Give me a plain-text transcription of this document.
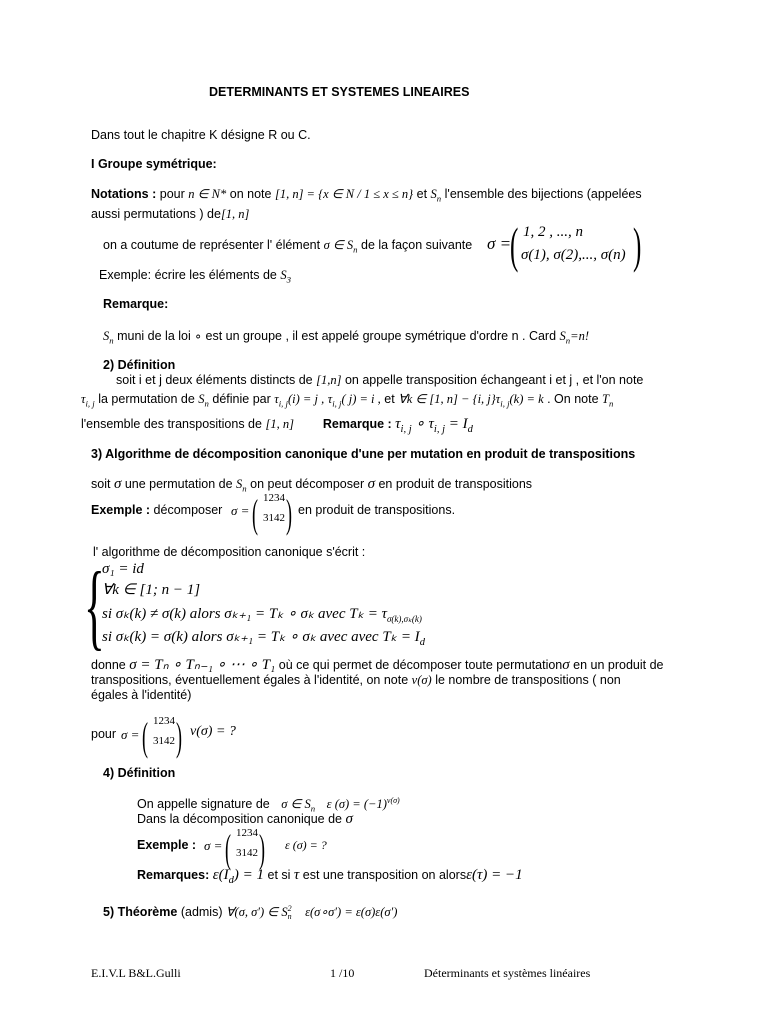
DETERMINANTS ET SYSTEMES LINEAIRES
Dans tout le chapitre K désigne R ou C.
I Groupe symétrique:
Notations : pour n ∈ N* on note [1, n] = {x ∈ N / 1 ≤ x ≤ n} et $S_n$ l'ensemble des bijections (appelées
aussi permutations ) de[1, n]
on a coutume de représenter l' élément σ ∈ $S_n$ de la façon suivante σ =
( 1, 2 , ..., n
σ(1), σ(2),..., σ(n) )
Exemple: écrire les éléments de $S_3$
Remarque:
$S_n$ muni de la loi ∘ est un groupe , il est appelé groupe symétrique d'ordre n . Card $S_n=n$!
2) Définition
soit i et j deux éléments distincts de [1,n] on appelle transposition échangeant i et j , et l'on note
$\tau_{i, j}$ la permutation de $S_n$ définie par $\tau_{i, j}(i) = j$ , $\tau_{i, j}$( j) = i , et ∀k ∈ [1, n] − {i, $j\}\tau_{i, j}(k) = k$ . On note $T_n$
l'ensemble des transpositions de [1, n] Remarque : $\tau_{i, j}$ ∘ $\tau_{i, j} = I_d$
3) Algorithme de décomposition canonique d'une per mutation en produit de transpositions
soit σ une permutation de $S_n$ on peut décomposer σ en produit de transpositions
Exemple : décomposer σ = ( 1234
3142 ) en produit de transpositions.
l' algorithme de décomposition canonique s'écrit :
{
σ₁ = id
∀k ∈ [1; n − 1]
si σₖ(k) ≠ σ(k) alors σₖ₊₁ = Tₖ ∘ σₖ avec $T_k = \tau_{\sigma(k),\sigma_k(k)}$
si σₖ(k) = σ(k) alors σₖ₊₁ = Tₖ ∘ σₖ avec avec $T_k = I_d$
donne σ = Tₙ ∘ Tₙ₋₁ ∘ ⋯ ∘ T₁ où ce qui permet de décomposer toute permutationσ en un produit de
transpositions, éventuellement égales à l'identité, on note ν(σ) le nombre de transpositions ( non
égales à l'identité)
pour σ = ( 1234
3142 ) ν(σ) = ?
4) Définition
On appelle signature de σ ∈ $S_n$ ε $(\sigma) = (-1)^{\nu(\sigma)}$
Dans la décomposition canonique de σ
Exemple : σ = ( 1234
3142 ) ε (σ) = ?
Remarques: $\varepsilon(I_d) = 1$ et si τ est une transposition on alorsε(τ) = −1
5) Théorème (admis) ∀(σ, σ′) ∈ S 2
n ε(σ∘σ′) = ε(σ)ε(σ′)
E.I.V.L B&L.Gulli	1 /10	Déterminants et systèmes linéaires
